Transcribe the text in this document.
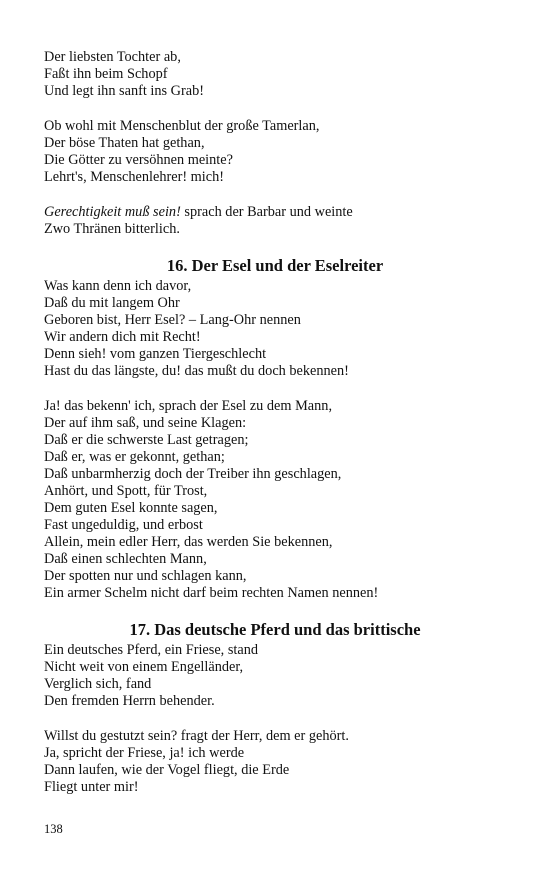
Der liebsten Tochter ab,
Faßt ihn beim Schopf
Und legt ihn sanft ins Grab!
Ob wohl mit Menschenblut der große Tamerlan,
Der böse Thaten hat gethan,
Die Götter zu versöhnen meinte?
Lehrt's, Menschenlehrer! mich!
Gerechtigkeit muß sein! sprach der Barbar und weinte
Zwo Thränen bitterlich.
16. Der Esel und der Eselreiter
Was kann denn ich davor,
Daß du mit langem Ohr
Geboren bist, Herr Esel? – Lang-Ohr nennen
Wir andern dich mit Recht!
Denn sieh! vom ganzen Tiergeschlecht
Hast du das längste, du! das mußt du doch bekennen!
Ja! das bekenn' ich, sprach der Esel zu dem Mann,
Der auf ihm saß, und seine Klagen:
Daß er die schwerste Last getragen;
Daß er, was er gekonnt, gethan;
Daß unbarmherzig doch der Treiber ihn geschlagen,
Anhört, und Spott, für Trost,
Dem guten Esel konnte sagen,
Fast ungeduldig, und erbost
Allein, mein edler Herr, das werden Sie bekennen,
Daß einen schlechten Mann,
Der spotten nur und schlagen kann,
Ein armer Schelm nicht darf beim rechten Namen nennen!
17. Das deutsche Pferd und das brittische
Ein deutsches Pferd, ein Friese, stand
Nicht weit von einem Engelländer,
Verglich sich, fand
Den fremden Herrn behender.
Willst du gestutzt sein? fragt der Herr, dem er gehört.
Ja, spricht der Friese, ja! ich werde
Dann laufen, wie der Vogel fliegt, die Erde
Fliegt unter mir!
138
